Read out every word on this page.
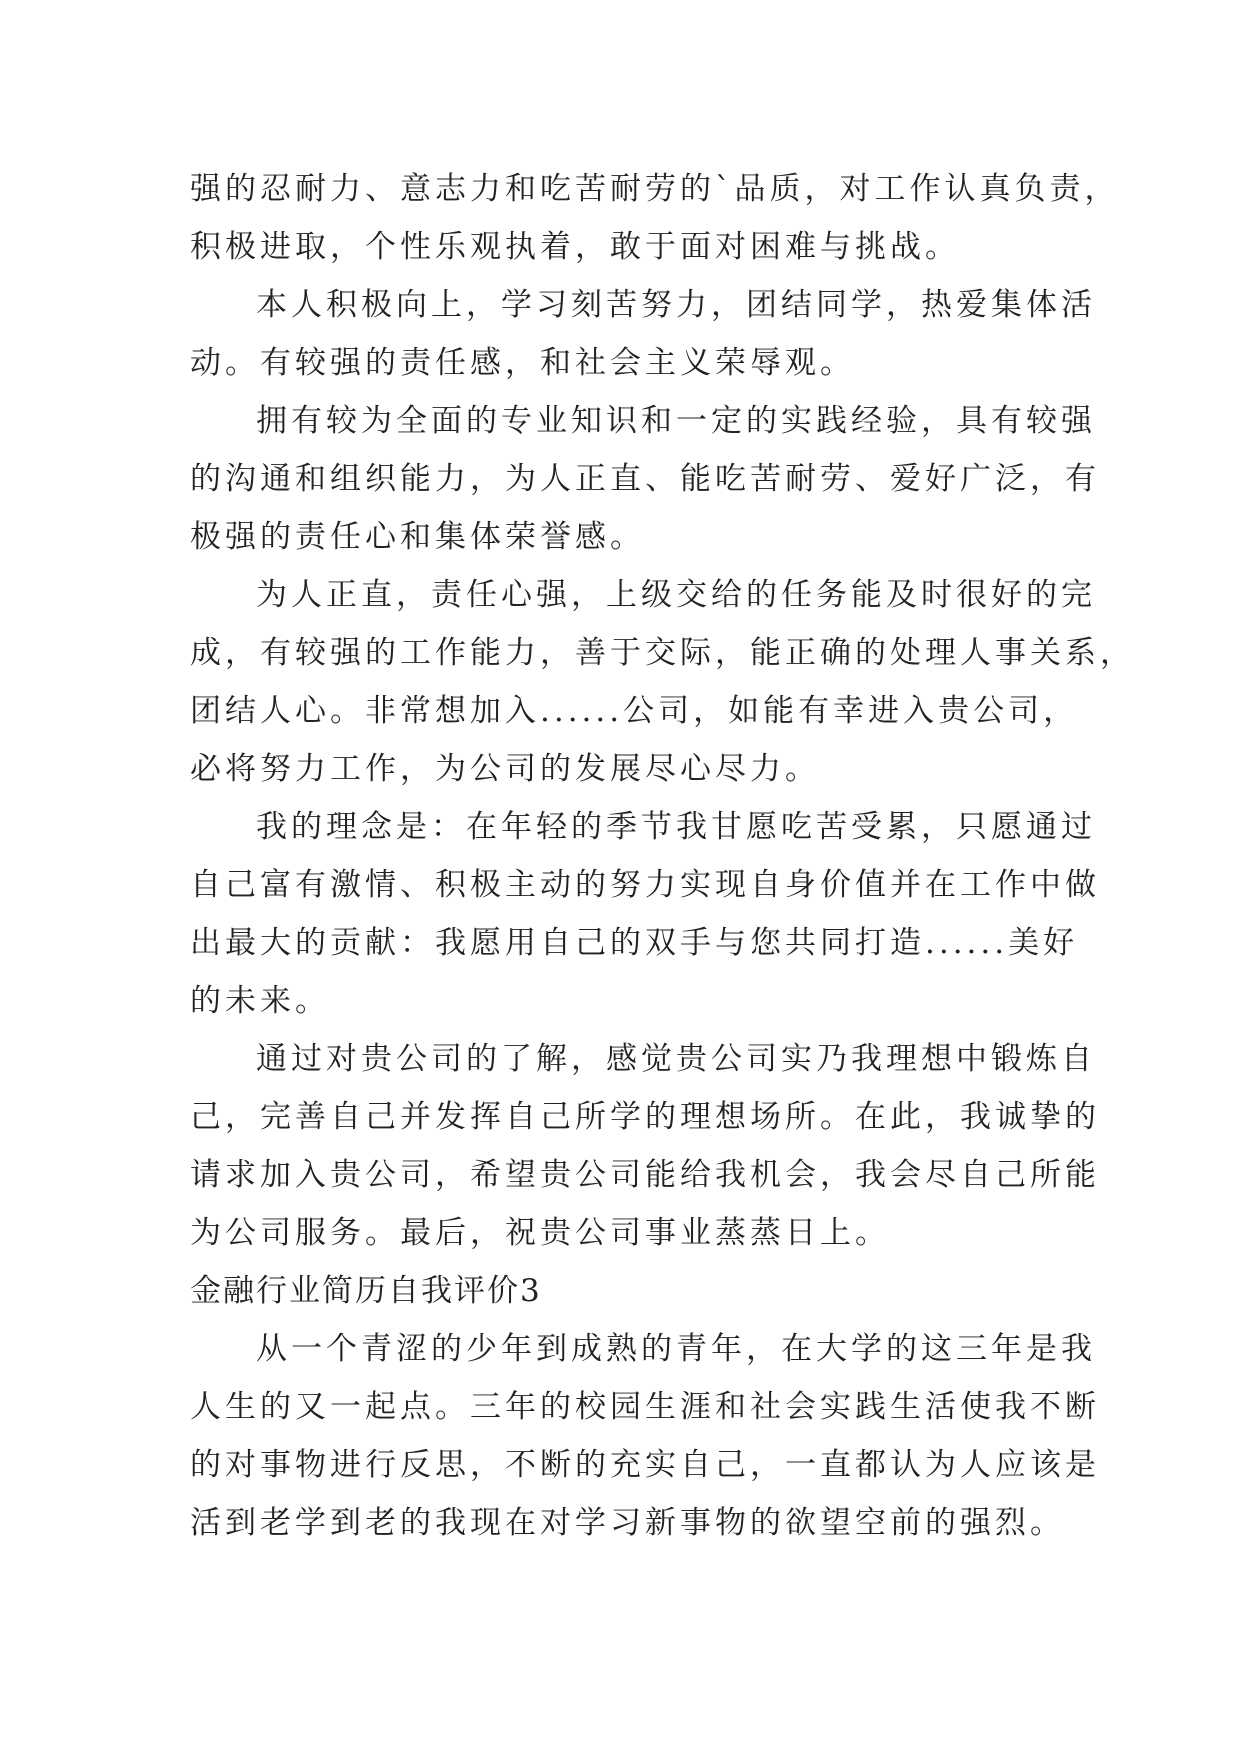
强的忍耐力、意志力和吃苦耐劳的`品质，对工作认真负责，
积极进取，个性乐观执着，敢于面对困难与挑战。
本人积极向上，学习刻苦努力，团结同学，热爱集体活
动。有较强的责任感，和社会主义荣辱观。
拥有较为全面的专业知识和一定的实践经验，具有较强
的沟通和组织能力，为人正直、能吃苦耐劳、爱好广泛，有
极强的责任心和集体荣誉感。
为人正直，责任心强，上级交给的任务能及时很好的完
成，有较强的工作能力，善于交际，能正确的处理人事关系，
团结人心。非常想加入......公司，如能有幸进入贵公司，
必将努力工作，为公司的发展尽心尽力。
我的理念是：在年轻的季节我甘愿吃苦受累，只愿通过
自己富有激情、积极主动的努力实现自身价值并在工作中做
出最大的贡献：我愿用自己的双手与您共同打造......美好
的未来。
通过对贵公司的了解，感觉贵公司实乃我理想中锻炼自
己，完善自己并发挥自己所学的理想场所。在此，我诚挚的
请求加入贵公司，希望贵公司能给我机会，我会尽自己所能
为公司服务。最后，祝贵公司事业蒸蒸日上。
金融行业简历自我评价3
从一个青涩的少年到成熟的青年，在大学的这三年是我
人生的又一起点。三年的校园生涯和社会实践生活使我不断
的对事物进行反思，不断的充实自己，一直都认为人应该是
活到老学到老的我现在对学习新事物的欲望空前的强烈。
